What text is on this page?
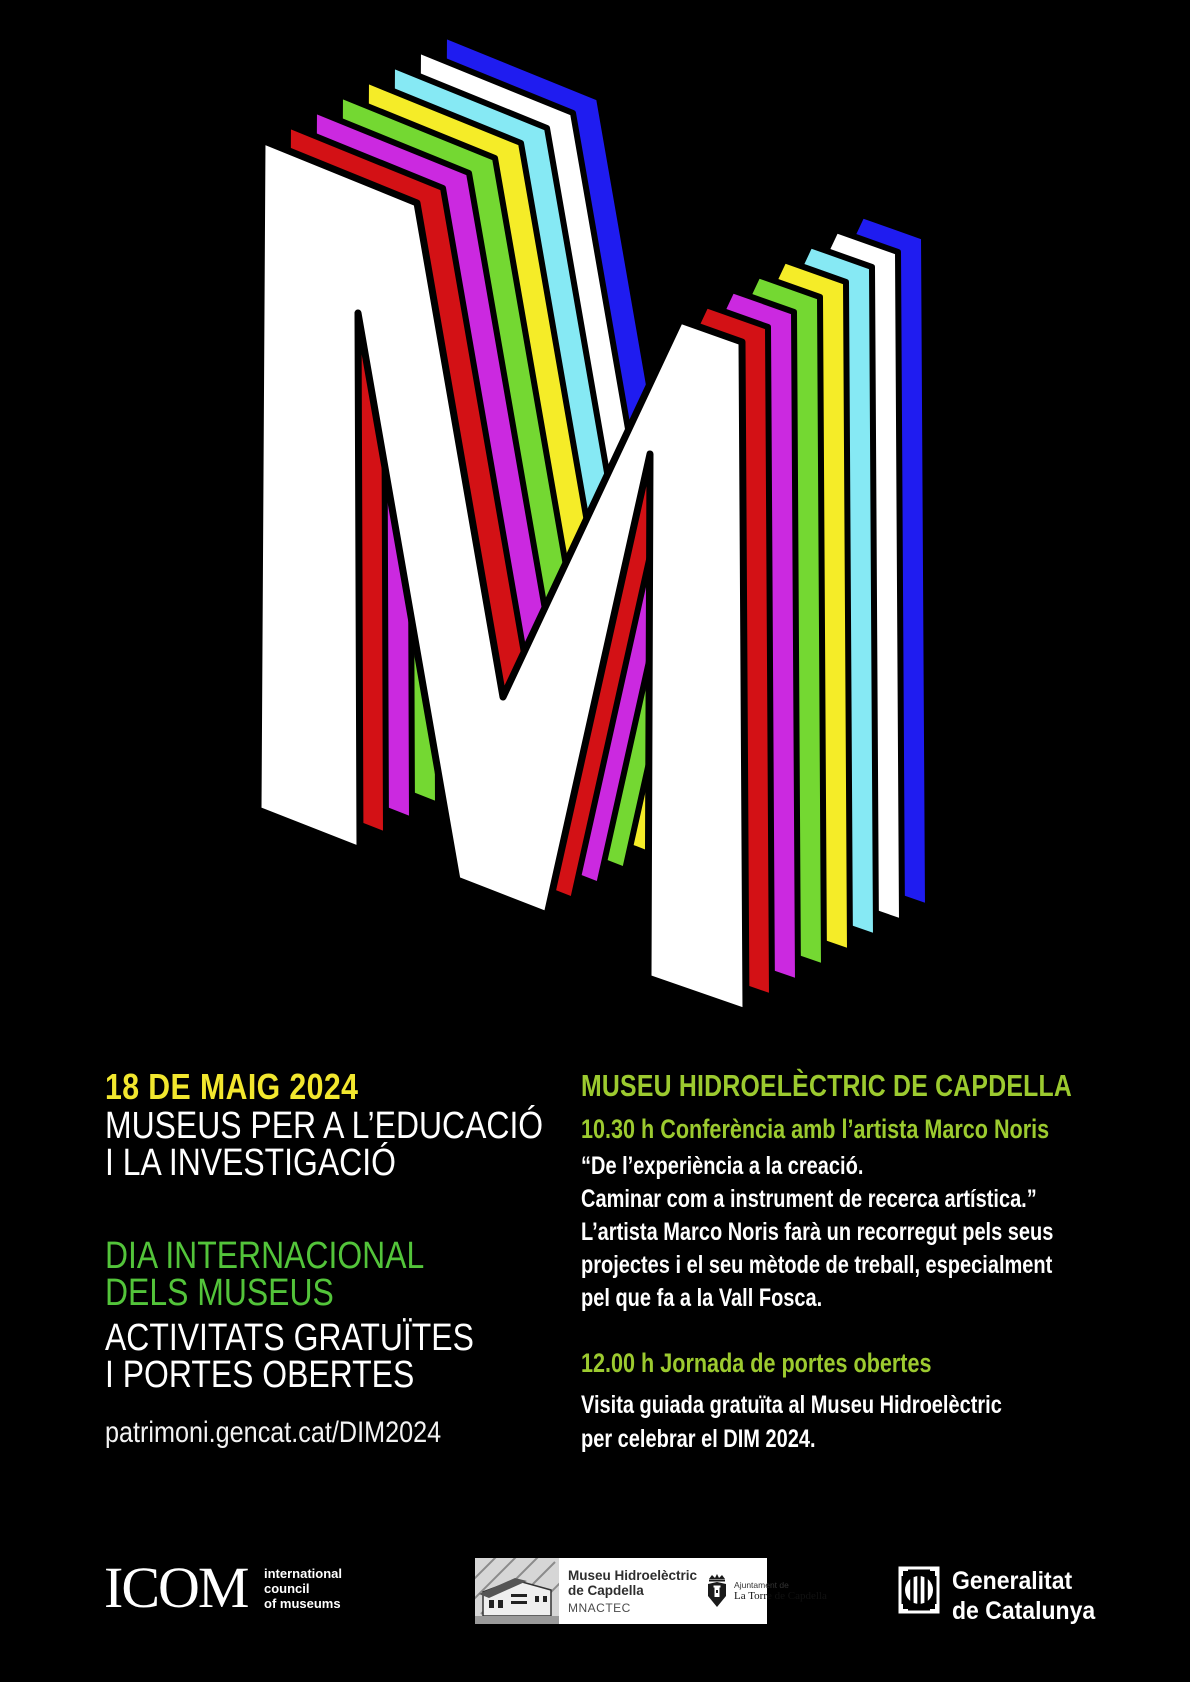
18 DE MAIG 2024
MUSEUS PER A L’EDUCACIÓ
I LA INVESTIGACIÓ
DIA INTERNACIONAL
DELS MUSEUS
ACTIVITATS GRATUÏTES
I PORTES OBERTES
patrimoni.gencat.cat/DIM2024
MUSEU HIDROELÈCTRIC DE CAPDELLA
10.30 h Conferència amb l’artista Marco Noris
“De l’experiència a la creació.
Caminar com a instrument de recerca artística.”
L’artista Marco Noris farà un recorregut pels seus
projectes i el seu mètode de treball, especialment
pel que fa a la Vall Fosca.
12.00 h Jornada de portes obertes
Visita guiada gratuïta al Museu Hidroelèctric
per celebrar el DIM 2024.
ICOM international
council
of museums
Museu Hidroelèctric
de Capdella
MNACTEC
Ajuntament de
La Torre de Capdella
Generalitat
de Catalunya
